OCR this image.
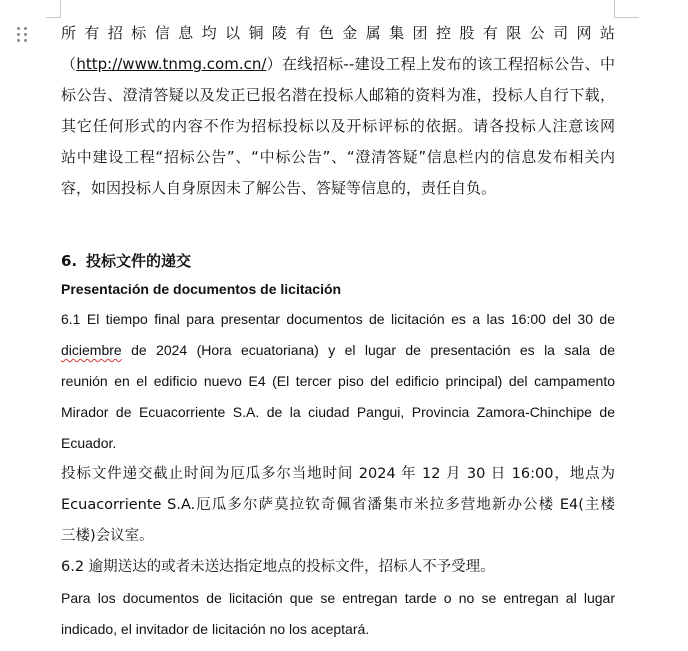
所有招标信息均以铜陵有色金属集团控股有限公司网站
（http://www.tnmg.com.cn/）在线招标--建设工程上发布的该工程招标公告、中
标公告、澄清答疑以及发正已报名潜在投标人邮箱的资料为准，投标人自行下载，
其它任何形式的内容不作为招标投标以及开标评标的依据。请各投标人注意该网
站中建设工程“招标公告”、“中标公告”、“澄清答疑”信息栏内的信息发布相关内
容，如因投标人自身原因未了解公告、答疑等信息的，责任自负。
6. 投标文件的递交
Presentación de documentos de licitación
6.1 El tiempo final para presentar documentos de licitación es a las 16:00 del 30 de
diciembre de 2024 (Hora ecuatoriana) y el lugar de presentación es la sala de
reunión en el edificio nuevo E4 (El tercer piso del edificio principal) del campamento
Mirador de Ecuacorriente S.A. de la ciudad Pangui, Provincia Zamora-Chinchipe de
Ecuador.
投标文件递交截止时间为厄瓜多尔当地时间 2024 年 12 月 30 日 16:00，地点为
Ecuacorriente S.A.厄瓜多尔萨莫拉钦奇佩省潘集市米拉多营地新办公楼 E4(主楼
三楼)会议室。
6.2 逾期送达的或者未送达指定地点的投标文件，招标人不予受理。
Para los documentos de licitación que se entregan tarde o no se entregan al lugar
indicado, el invitador de licitación no los aceptará.
